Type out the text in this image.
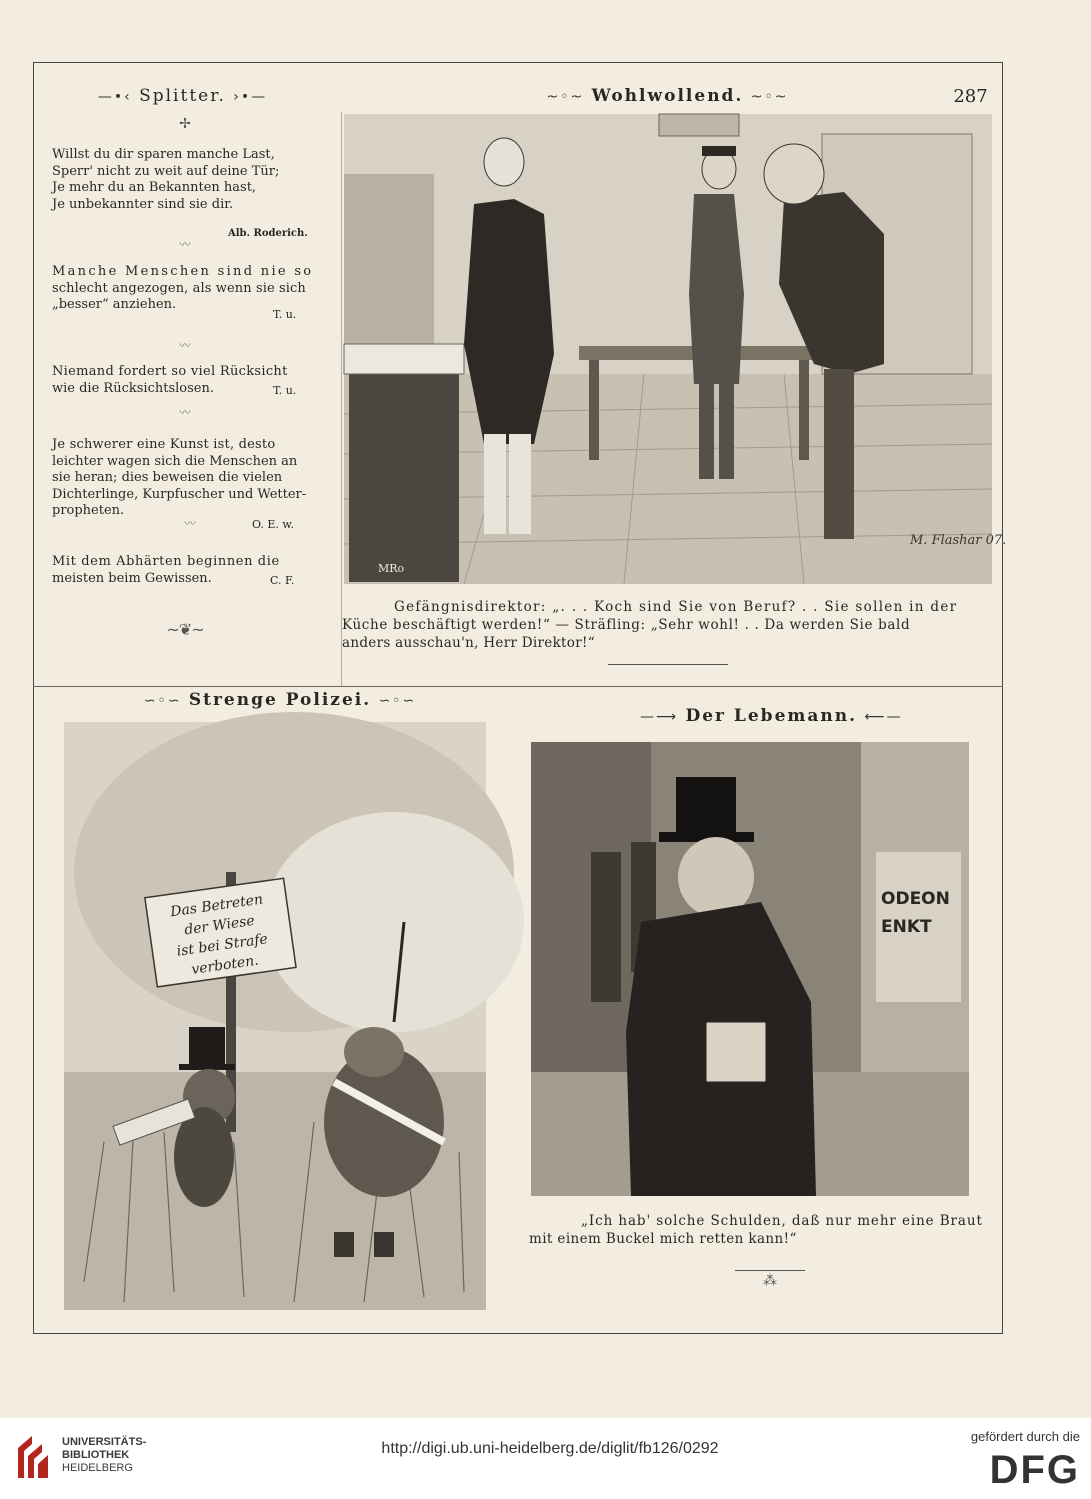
—•‹ Splitter. ›•—	~◦~ Wohlwollend. ~◦~	287
✢

Willst du dir sparen manche Last,

Sperr' nicht zu weit auf deine Tür;

Je mehr du an Bekannten hast,

Je unbekannter sind sie dir.

Alb. Roderich.
〰

Manche Menschen sind nie so

schlecht angezogen, als wenn sie sich

„besser“ anziehen.

T. u.
〰

Niemand fordert so viel Rücksicht

wie die Rücksichtslosen.	T. u.
〰

Je schwerer eine Kunst ist, desto

leichter wagen sich die Menschen an

sie heran; dies beweisen die vielen

Dichterlinge, Kurpfuscher und Wetter-

propheten.

〰	O. E. w.

Mit dem Abhärten beginnen die

meisten beim Gewissen.	C. F.
~❦~
MRo
M. Flashar 07.
Gefängnisdirektor: „. . . Koch sind Sie von Beruf? . . Sie sollen in der
Küche beschäftigt werden!“ — Sträfling: „Sehr wohl! . . Da werden Sie bald
anders ausschau'n, Herr Direktor!“
∽◦∽ Strenge Polizei. ∽◦∽
Das Betreten
der Wiese
ist bei Strafe
verboten.
—⟶ Der Lebemann. ⟵—
ODEON
ENKT
„Ich hab' solche Schulden, daß nur mehr eine Braut
mit einem Buckel mich retten kann!“
⁂
UNIVERSITÄTS-
BIBLIOTHEK
HEIDELBERG
http://digi.ub.uni-heidelberg.de/diglit/fb126/0292
gefördert durch die
DFG
